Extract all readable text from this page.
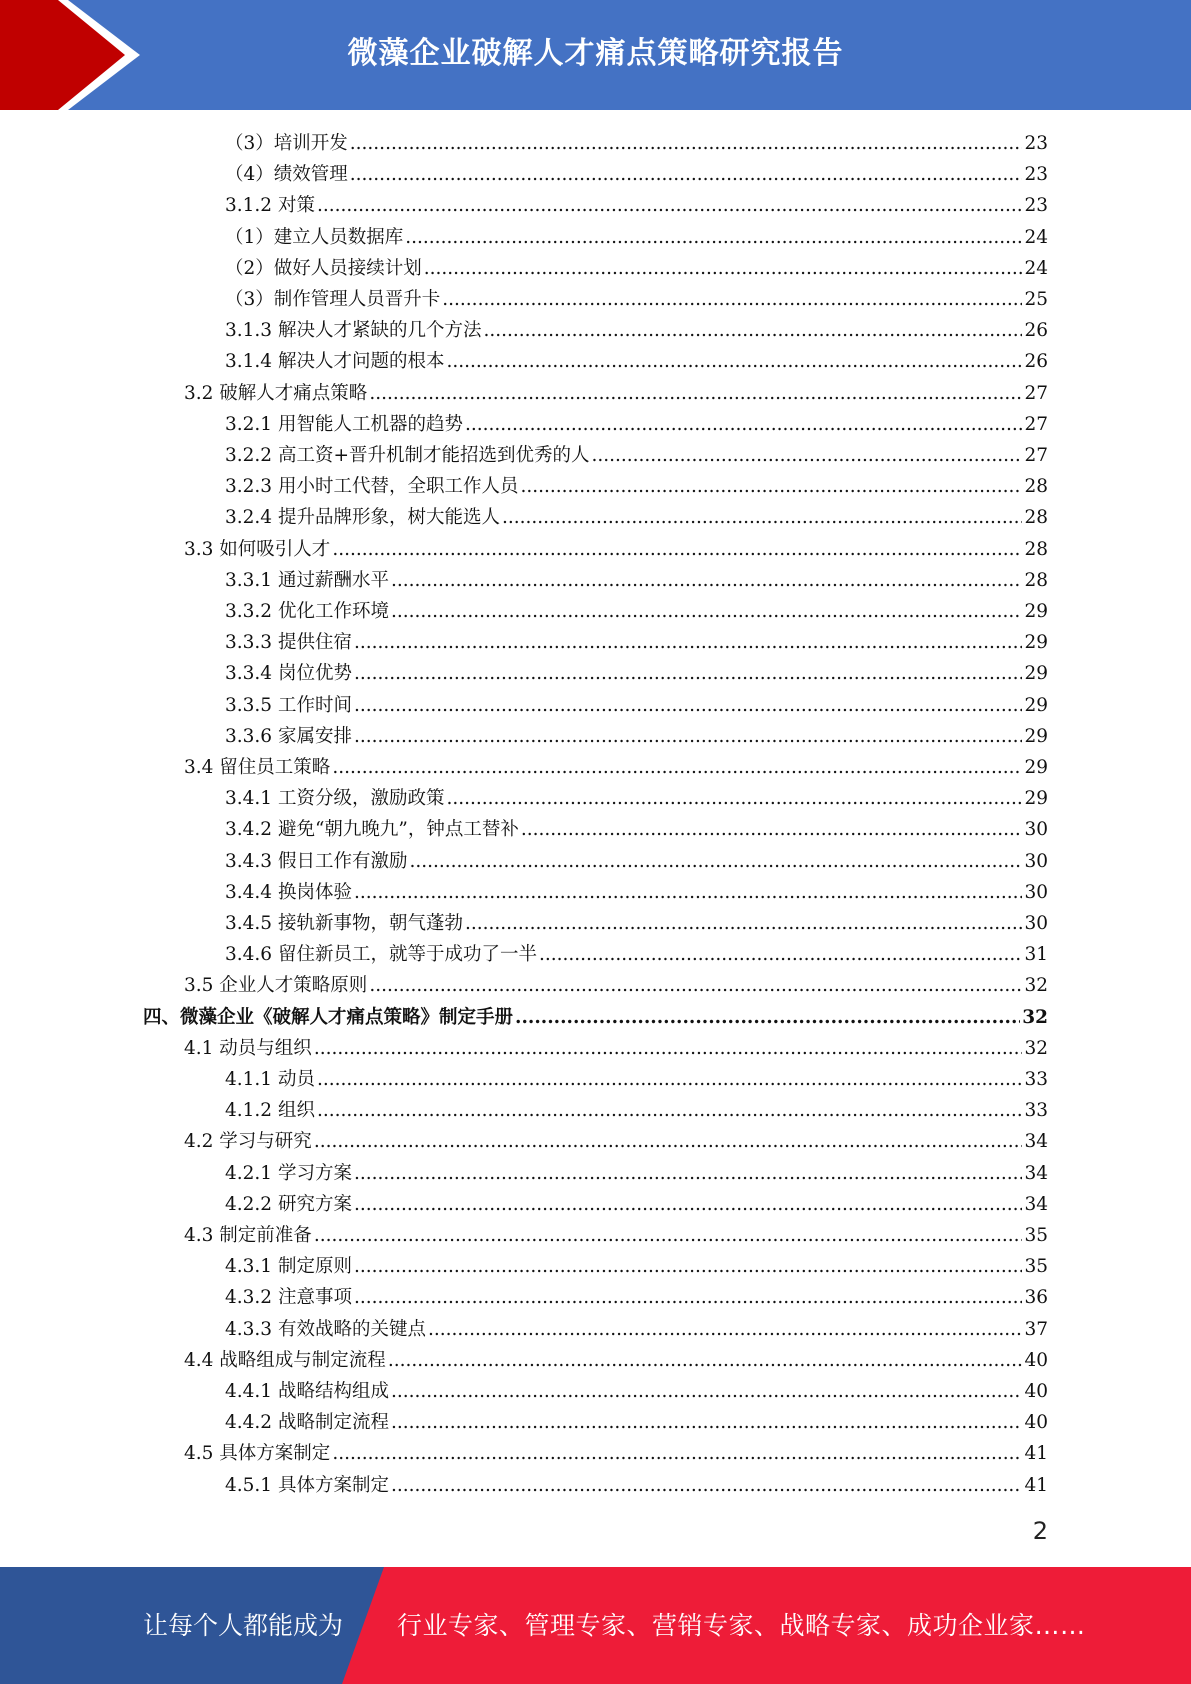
微藻企业破解人才痛点策略研究报告
（3）培训开发 .....	23
（4）绩效管理 .....	23
3.1.2 对策 .....	23
（1）建立人员数据库 .....	24
（2）做好人员接续计划 .....	24
（3）制作管理人员晋升卡 .....	25
3.1.3 解决人才紧缺的几个方法 .....	26
3.1.4 解决人才问题的根本 .....	26
3.2 破解人才痛点策略 .....	27
3.2.1 用智能人工机器的趋势 .....	27
3.2.2 高工资+晋升机制才能招选到优秀的人 .....	27
3.2.3 用小时工代替，全职工作人员 .....	28
3.2.4 提升品牌形象，树大能选人 .....	28
3.3 如何吸引人才 .....	28
3.3.1 通过薪酬水平 .....	28
3.3.2 优化工作环境 .....	29
3.3.3 提供住宿 .....	29
3.3.4 岗位优势 .....	29
3.3.5 工作时间 .....	29
3.3.6 家属安排 .....	29
3.4 留住员工策略 .....	29
3.4.1 工资分级，激励政策 .....	29
3.4.2 避免“朝九晚九”，钟点工替补 .....	30
3.4.3 假日工作有激励 .....	30
3.4.4 换岗体验 .....	30
3.4.5 接轨新事物，朝气蓬勃 .....	30
3.4.6 留住新员工，就等于成功了一半 .....	31
3.5 企业人才策略原则 .....	32
四、微藻企业《破解人才痛点策略》制定手册 .....	32
4.1 动员与组织 .....	32
4.1.1 动员 .....	33
4.1.2 组织 .....	33
4.2 学习与研究 .....	34
4.2.1 学习方案 .....	34
4.2.2 研究方案 .....	34
4.3 制定前准备 .....	35
4.3.1 制定原则 .....	35
4.3.2 注意事项 .....	36
4.3.3 有效战略的关键点 .....	37
4.4 战略组成与制定流程 .....	40
4.4.1 战略结构组成 .....	40
4.4.2 战略制定流程 .....	40
4.5 具体方案制定 .....	41
4.5.1 具体方案制定 .....	41
2
让每个人都能成为 行业专家、管理专家、营销专家、战略专家、成功企业家……
